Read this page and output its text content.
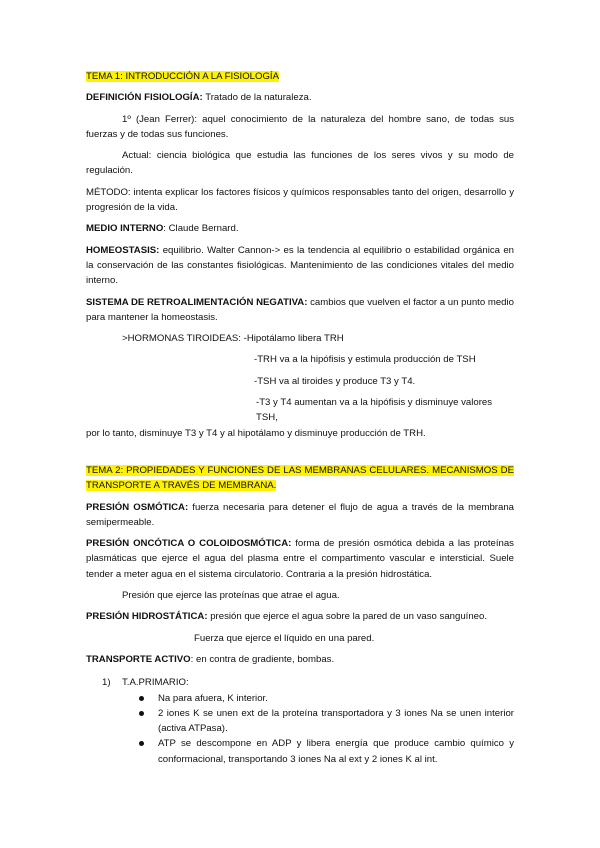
TEMA 1: INTRODUCCIÓN A LA FISIOLOGÍA

DEFINICIÓN FISIOLOGÍA: Tratado de la naturaleza.

1º (Jean Ferrer): aquel conocimiento de la naturaleza del hombre sano, de todas sus fuerzas y de todas sus funciones.

Actual: ciencia biológica que estudia las funciones de los seres vivos y su modo de regulación.

MÉTODO: intenta explicar los factores físicos y químicos responsables tanto del origen, desarrollo y progresión de la vida.

MEDIO INTERNO: Claude Bernard.

HOMEOSTASIS: equilibrio. Walter Cannon-> es la tendencia al equilibrio o estabilidad orgánica en la conservación de las constantes fisiológicas. Mantenimiento de las condiciones vitales del medio interno.

SISTEMA DE RETROALIMENTACIÓN NEGATIVA: cambios que vuelven el factor a un punto medio para mantener la homeostasis.

>HORMONAS TIROIDEAS: -Hipotálamo libera TRH

-TRH va a la hipófisis y estimula producción de TSH

-TSH va al tiroides y produce T3 y T4.

-T3 y T4 aumentan va a la hipófisis y disminuye valores TSH,

por lo tanto, disminuye T3 y T4 y al hipotálamo y disminuye producción de TRH.

TEMA 2: PROPIEDADES Y FUNCIONES DE LAS MEMBRANAS CELULARES. MECANISMOS DE TRANSPORTE A TRAVÉS DE MEMBRANA.

PRESIÓN OSMÓTICA: fuerza necesaria para detener el flujo de agua a través de la membrana semipermeable.

PRESIÓN ONCÓTICA O COLOIDOSMÓTICA: forma de presión osmótica debida a las proteínas plasmáticas que ejerce el agua del plasma entre el compartimento vascular e intersticial. Suele tender a meter agua en el sistema circulatorio. Contraria a la presión hidrostática.

Presión que ejerce las proteínas que atrae el agua.

PRESIÓN HIDROSTÁTICA: presión que ejerce el agua sobre la pared de un vaso sanguíneo.

Fuerza que ejerce el líquido en una pared.

TRANSPORTE ACTIVO: en contra de gradiente, bombas.

1) T.A.PRIMARIO:
Na para afuera, K interior.
2 iones K se unen ext de la proteína transportadora y 3 iones Na se unen interior (activa ATPasa).
ATP se descompone en ADP y libera energía que produce cambio químico y conformacional, transportando 3 iones Na al ext y 2 iones K al int.
